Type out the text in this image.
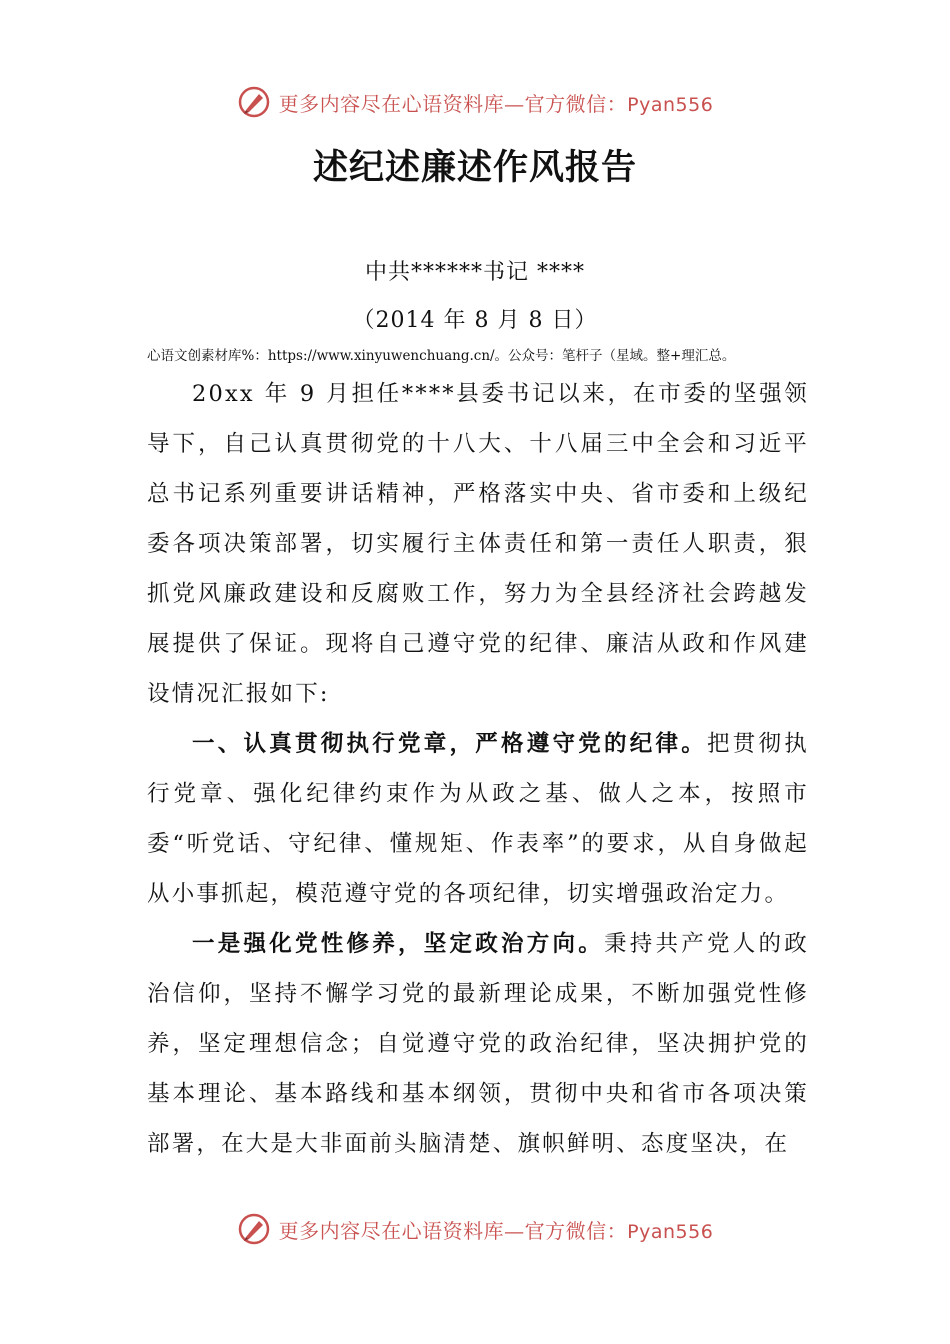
更多内容尽在心语资料库—官方微信：Pyan556
述纪述廉述作风报告
中共******书记 ****
（2014 年 8 月 8 日）
心语文创素材库%：https://www.xinyuwenchuang.cn/。公众号：笔杆子（星域。整+理汇总。

20xx 年 9 月担任****县委书记以来，在市委的坚强领导下，自己认真贯彻党的十八大、十八届三中全会和习近平总书记系列重要讲话精神，严格落实中央、省市委和上级纪委各项决策部署，切实履行主体责任和第一责任人职责，狠抓党风廉政建设和反腐败工作，努力为全县经济社会跨越发展提供了保证。现将自己遵守党的纪律、廉洁从政和作风建设情况汇报如下:

一、认真贯彻执行党章，严格遵守党的纪律。把贯彻执行党章、强化纪律约束作为从政之基、做人之本，按照市委“听党话、守纪律、懂规矩、作表率”的要求，从自身做起从小事抓起，模范遵守党的各项纪律，切实增强政治定力。

一是强化党性修养，坚定政治方向。秉持共产党人的政治信仰，坚持不懈学习党的最新理论成果，不断加强党性修养，坚定理想信念；自觉遵守党的政治纪律，坚决拥护党的基本理论、基本路线和基本纲领，贯彻中央和省市各项决策部署，在大是大非面前头脑清楚、旗帜鲜明、态度坚决，在

更多内容尽在心语资料库—官方微信：Pyan556
